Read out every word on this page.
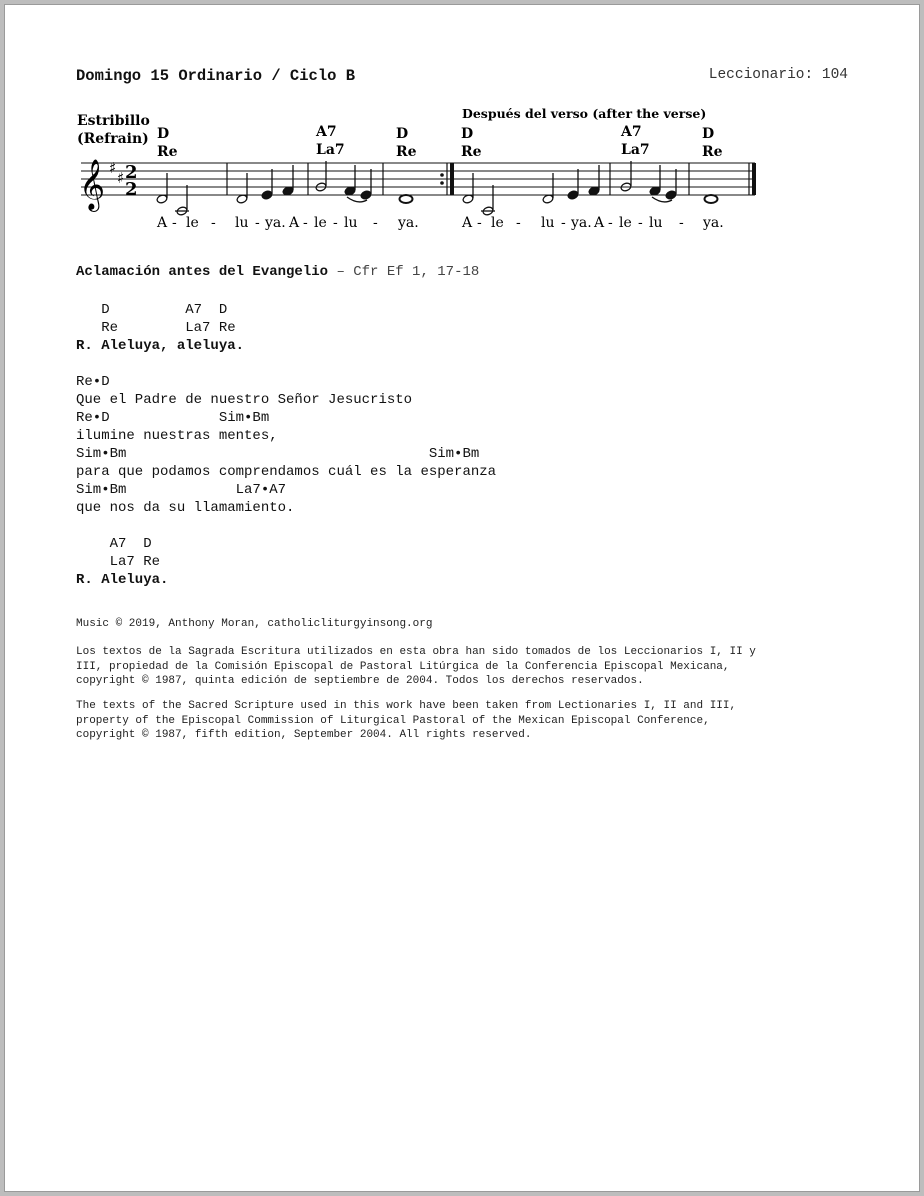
Domingo 15 Ordinario / Ciclo B	Leccionario: 104
Estribillo
(Refrain)
Después del verso (after the verse)
D
Re
A7
La7
D
Re
D
Re
A7
La7
D
Re
𝄞 ♯
♯ 2
2
A - le - lu - ya. A - le - lu - ya.	A - le - lu - ya. A - le - lu - ya.
Aclamación antes del Evangelio – Cfr Ef 1, 17-18
D         A7  D
Re        La7 Re
R. Aleluya, aleluya.
Re•D
Que el Padre de nuestro Señor Jesucristo
Re•D             Sim•Bm
ilumine nuestras mentes,
Sim•Bm                                    Sim•Bm
para que podamos comprendamos cuál es la esperanza
Sim•Bm             La7•A7
que nos da su llamamiento.
A7  D
La7 Re
R. Aleluya.
Music © 2019, Anthony Moran, catholicliturgyinsong.org
Los textos de la Sagrada Escritura utilizados en esta obra han sido tomados de los Leccionarios I, II y
III, propiedad de la Comisión Episcopal de Pastoral Litúrgica de la Conferencia Episcopal Mexicana,
copyright © 1987, quinta edición de septiembre de 2004. Todos los derechos reservados.
The texts of the Sacred Scripture used in this work have been taken from Lectionaries I, II and III,
property of the Episcopal Commission of Liturgical Pastoral of the Mexican Episcopal Conference,
copyright © 1987, fifth edition, September 2004. All rights reserved.
